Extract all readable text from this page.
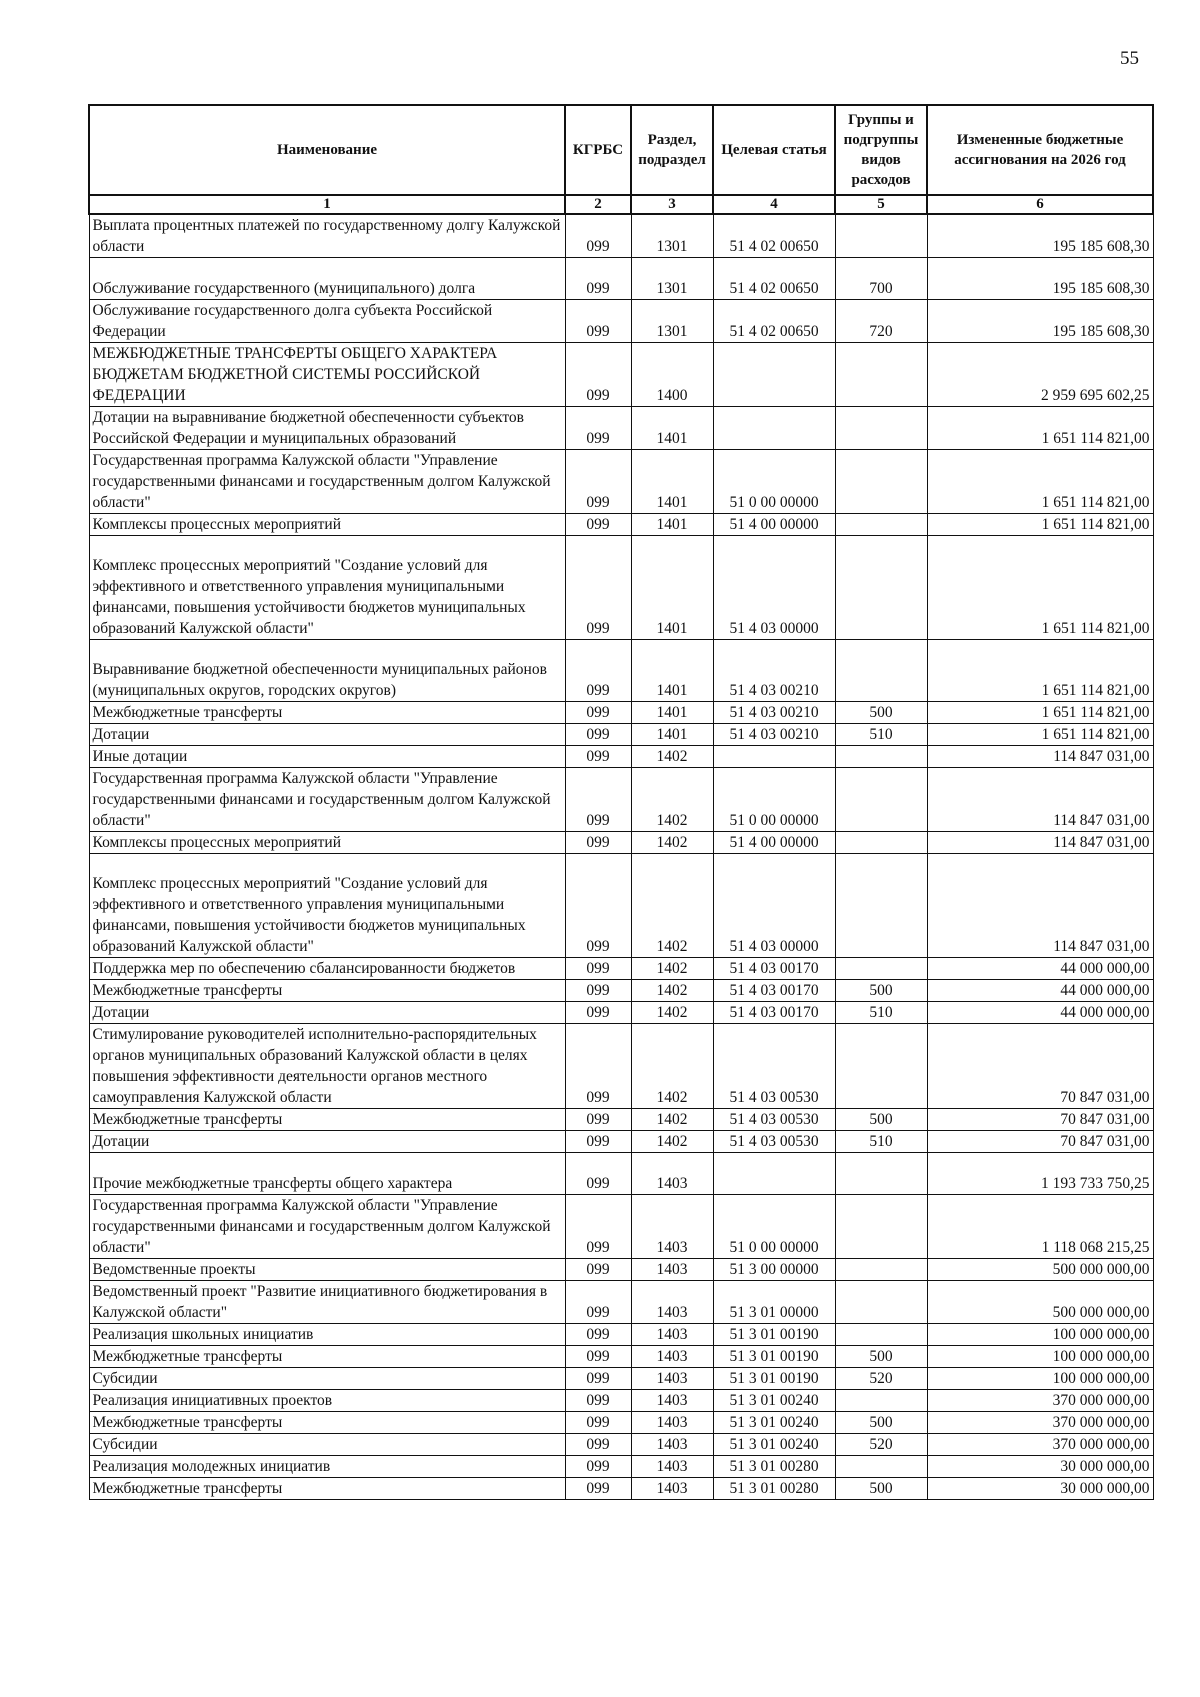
55
Наименование	КГРБС	Раздел, подраздел	Целевая статья	Группы и подгруппы видов расходов	Измененные бюджетные ассигнования на 2026 год
1	2	3	4	5	6
Выплата процентных платежей по государственному долгу Калужской области	099	1301	51 4 02 00650		195 185 608,30
Обслуживание государственного (муниципального) долга	099	1301	51 4 02 00650	700	195 185 608,30
Обслуживание государственного долга субъекта Российской Федерации	099	1301	51 4 02 00650	720	195 185 608,30
МЕЖБЮДЖЕТНЫЕ ТРАНСФЕРТЫ ОБЩЕГО ХАРАКТЕРА БЮДЖЕТАМ БЮДЖЕТНОЙ СИСТЕМЫ РОССИЙСКОЙ ФЕДЕРАЦИИ	099	1400			2 959 695 602,25
Дотации на выравнивание бюджетной обеспеченности субъектов Российской Федерации и муниципальных образований	099	1401			1 651 114 821,00
Государственная программа Калужской области "Управление государственными финансами и государственным долгом Калужской области"	099	1401	51 0 00 00000		1 651 114 821,00
Комплексы процессных мероприятий	099	1401	51 4 00 00000		1 651 114 821,00
Комплекс процессных мероприятий "Создание условий для эффективного и ответственного управления муниципальными финансами, повышения устойчивости бюджетов муниципальных образований Калужской области"	099	1401	51 4 03 00000		1 651 114 821,00
Выравнивание бюджетной обеспеченности муниципальных районов (муниципальных округов, городских округов)	099	1401	51 4 03 00210		1 651 114 821,00
Межбюджетные трансферты	099	1401	51 4 03 00210	500	1 651 114 821,00
Дотации	099	1401	51 4 03 00210	510	1 651 114 821,00
Иные дотации	099	1402			114 847 031,00
Государственная программа Калужской области "Управление государственными финансами и государственным долгом Калужской области"	099	1402	51 0 00 00000		114 847 031,00
Комплексы процессных мероприятий	099	1402	51 4 00 00000		114 847 031,00
Комплекс процессных мероприятий "Создание условий для эффективного и ответственного управления муниципальными финансами, повышения устойчивости бюджетов муниципальных образований Калужской области"	099	1402	51 4 03 00000		114 847 031,00
Поддержка мер по обеспечению сбалансированности бюджетов	099	1402	51 4 03 00170		44 000 000,00
Межбюджетные трансферты	099	1402	51 4 03 00170	500	44 000 000,00
Дотации	099	1402	51 4 03 00170	510	44 000 000,00
Стимулирование руководителей исполнительно-распорядительных органов муниципальных образований Калужской области в целях повышения эффективности деятельности органов местного самоуправления Калужской области	099	1402	51 4 03 00530		70 847 031,00
Межбюджетные трансферты	099	1402	51 4 03 00530	500	70 847 031,00
Дотации	099	1402	51 4 03 00530	510	70 847 031,00
Прочие межбюджетные трансферты общего характера	099	1403			1 193 733 750,25
Государственная программа Калужской области "Управление государственными финансами и государственным долгом Калужской области"	099	1403	51 0 00 00000		1 118 068 215,25
Ведомственные проекты	099	1403	51 3 00 00000		500 000 000,00
Ведомственный проект "Развитие инициативного бюджетирования в Калужской области"	099	1403	51 3 01 00000		500 000 000,00
Реализация школьных инициатив	099	1403	51 3 01 00190		100 000 000,00
Межбюджетные трансферты	099	1403	51 3 01 00190	500	100 000 000,00
Субсидии	099	1403	51 3 01 00190	520	100 000 000,00
Реализация инициативных проектов	099	1403	51 3 01 00240		370 000 000,00
Межбюджетные трансферты	099	1403	51 3 01 00240	500	370 000 000,00
Субсидии	099	1403	51 3 01 00240	520	370 000 000,00
Реализация молодежных инициатив	099	1403	51 3 01 00280		30 000 000,00
Межбюджетные трансферты	099	1403	51 3 01 00280	500	30 000 000,00
